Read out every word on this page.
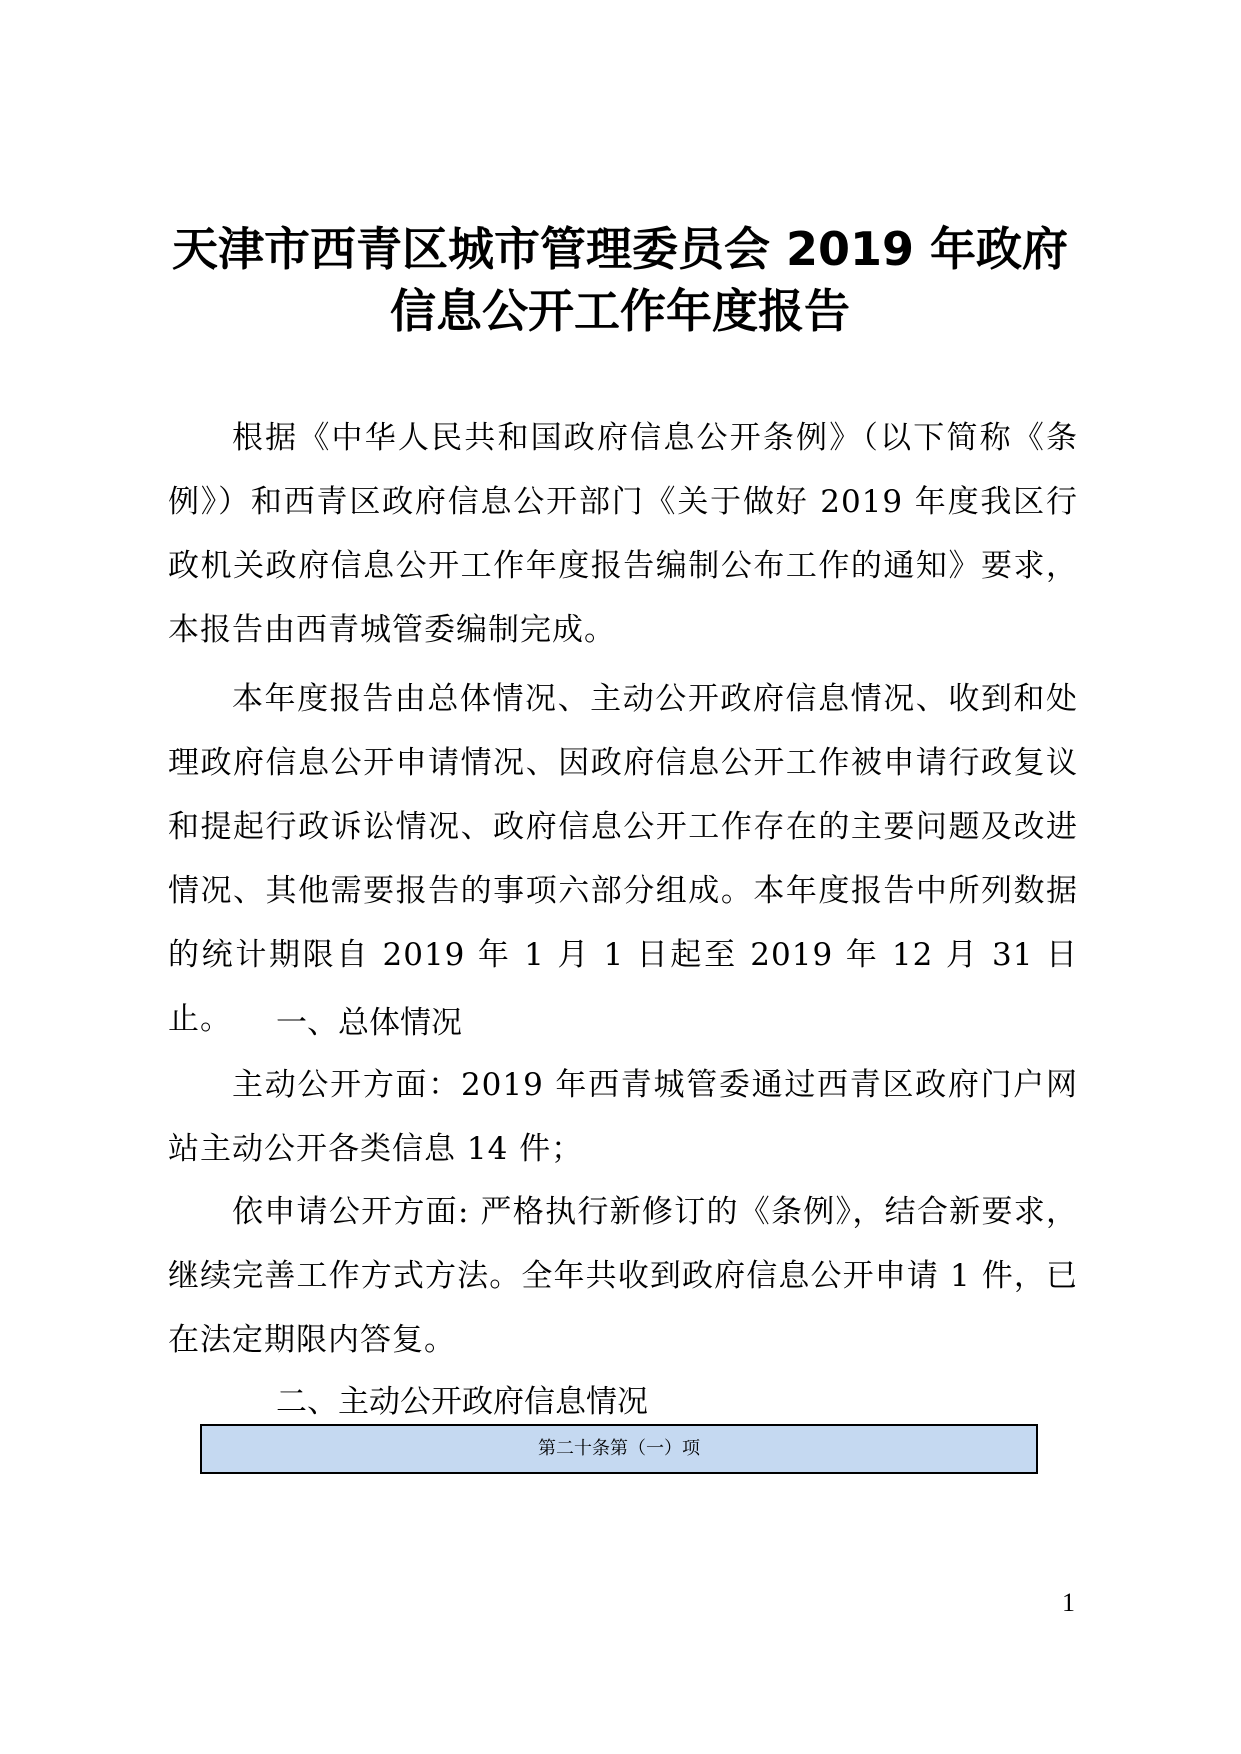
天津市西青区城市管理委员会 2019 年政府
信息公开工作年度报告
根据《中华人民共和国政府信息公开条例》（以下简称《条例》）和西青区政府信息公开部门《关于做好 2019 年度我区行政机关政府信息公开工作年度报告编制公布工作的通知》要求，本报告由西青城管委编制完成。
本年度报告由总体情况、主动公开政府信息情况、收到和处理政府信息公开申请情况、因政府信息公开工作被申请行政复议和提起行政诉讼情况、政府信息公开工作存在的主要问题及改进情况、其他需要报告的事项六部分组成。本年度报告中所列数据的统计期限自 2019 年 1 月 1 日起至 2019 年 12 月 31 日止。	一、总体情况
主动公开方面：2019 年西青城管委通过西青区政府门户网站主动公开各类信息 14 件；
依申请公开方面: 严格执行新修订的《条例》，结合新要求，继续完善工作方式方法。全年共收到政府信息公开申请 1 件，已在法定期限内答复。
二、主动公开政府信息情况
第二十条第（一）项
1
